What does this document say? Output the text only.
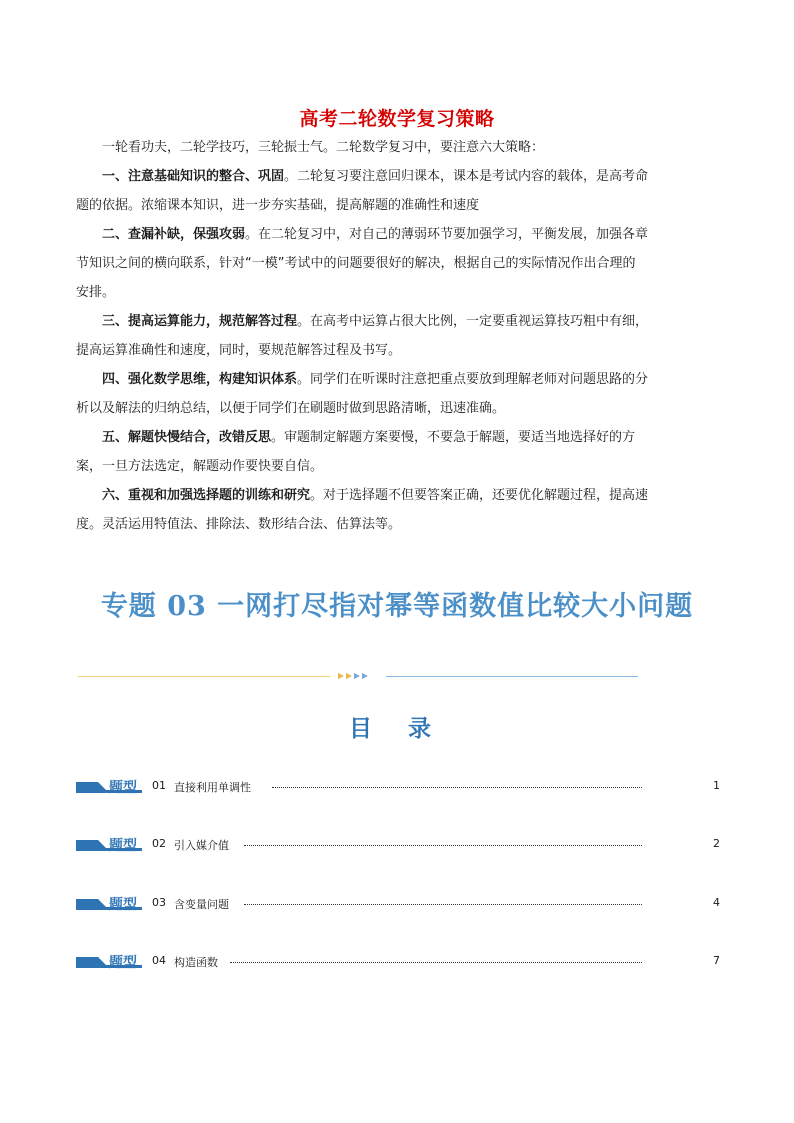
高考二轮数学复习策略

一轮看功夫，二轮学技巧，三轮振士气。二轮数学复习中，要注意六大策略：

一、注意基础知识的整合、巩固。二轮复习要注意回归课本，课本是考试内容的载体，是高考命
题的依据。浓缩课本知识，进一步夯实基础，提高解题的准确性和速度

二、查漏补缺，保强攻弱。在二轮复习中，对自己的薄弱环节要加强学习，平衡发展，加强各章
节知识之间的横向联系，针对“一模”考试中的问题要很好的解决，根据自己的实际情况作出合理的
安排。

三、提高运算能力，规范解答过程。在高考中运算占很大比例，一定要重视运算技巧粗中有细，
提高运算准确性和速度，同时，要规范解答过程及书写。

四、强化数学思维，构建知识体系。同学们在听课时注意把重点要放到理解老师对问题思路的分
析以及解法的归纳总结，以便于同学们在刷题时做到思路清晰，迅速准确。

五、解题快慢结合，改错反思。审题制定解题方案要慢，不要急于解题，要适当地选择好的方
案，一旦方法选定，解题动作要快要自信。

六、重视和加强选择题的训练和研究。对于选择题不但要答案正确，还要优化解题过程，提高速
度。灵活运用特值法、排除法、数形结合法、估算法等。

专题 03 一网打尽指对幂等函数值比较大小问题
目 录
题型 01 直接利用单调性	1
题型 02 引入媒介值	2
题型 03 含变量问题	4
题型 04 构造函数	7
